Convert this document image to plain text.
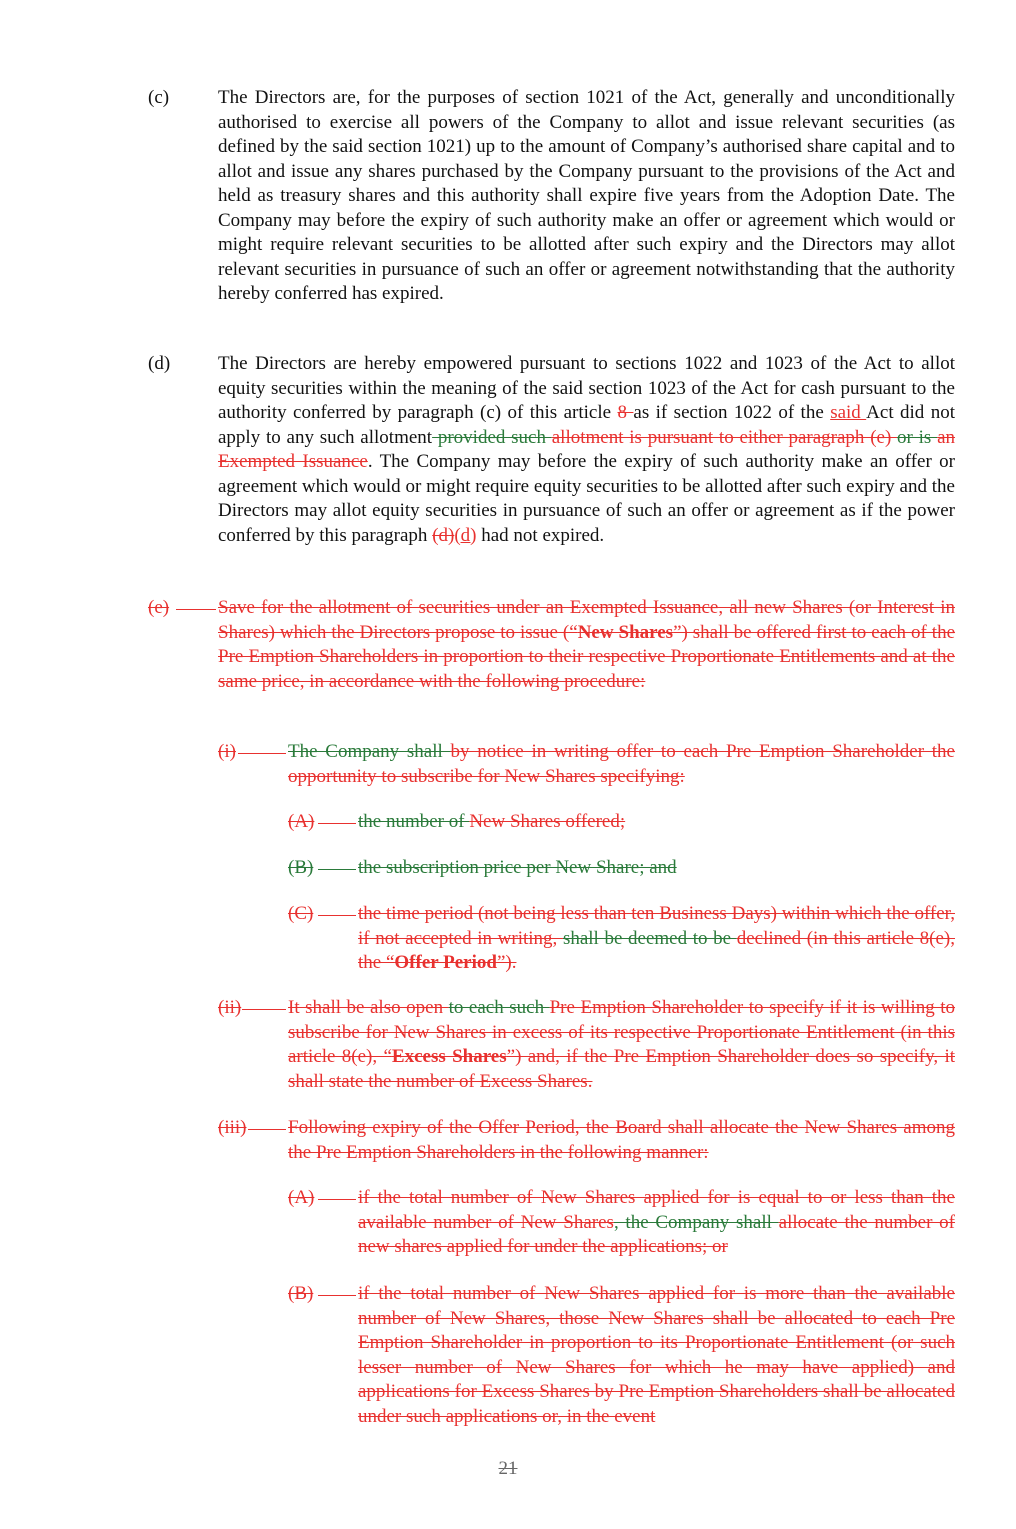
(c)	The Directors are, for the purposes of section 1021 of the Act, generally and unconditionally authorised to exercise all powers of the Company to allot and issue relevant securities (as defined by the said section 1021) up to the amount of Company’s authorised share capital and to allot and issue any shares purchased by the Company pursuant to the provisions of the Act and held as treasury shares and this authority shall expire five years from the Adoption Date. The Company may before the expiry of such authority make an offer or agreement which would or might require relevant securities to be allotted after such expiry and the Directors may allot relevant securities in pursuance of such an offer or agreement notwithstanding that the authority hereby conferred has expired.
(d)	The Directors are hereby empowered pursuant to sections 1022 and 1023 of the Act to allot equity securities within the meaning of the said section 1023 of the Act for cash pursuant to the authority conferred by paragraph (c) of this article 8 as if section 1022 of the said Act did not apply to any such allotment provided such allotment is pursuant to either paragraph (e) or is an Exempted Issuance. The Company may before the expiry of such authority make an offer or agreement which would or might require equity securities to be allotted after such expiry and the Directors may allot equity securities in pursuance of such an offer or agreement as if the power conferred by this paragraph (d)(d) had not expired.
(e)	Save for the allotment of securities under an Exempted Issuance, all new Shares (or Interest in Shares) which the Directors propose to issue (“New Shares”) shall be offered first to each of the Pre Emption Shareholders in proportion to their respective Proportionate Entitlements and at the same price, in accordance with the following procedure:
(i)	The Company shall by notice in writing offer to each Pre Emption Shareholder the opportunity to subscribe for New Shares specifying:
(A) the number of New Shares offered;
(B) the subscription price per New Share; and
(C) the time period (not being less than ten Business Days) within which the offer, if not accepted in writing, shall be deemed to be declined (in this article 8(e), the “Offer Period”).
(ii) It shall be also open to each such Pre Emption Shareholder to specify if it is willing to subscribe for New Shares in excess of its respective Proportionate Entitlement (in this article 8(e), “Excess Shares”) and, if the Pre Emption Shareholder does so specify, it shall state the number of Excess Shares.
(iii) Following expiry of the Offer Period, the Board shall allocate the New Shares among the Pre Emption Shareholders in the following manner:
(A) if the total number of New Shares applied for is equal to or less than the available number of New Shares, the Company shall allocate the number of new shares applied for under the applications; or
(B) if the total number of New Shares applied for is more than the available number of New Shares, those New Shares shall be allocated to each Pre Emption Shareholder in proportion to its Proportionate Entitlement (or such lesser number of New Shares for which he may have applied) and applications for Excess Shares by Pre Emption Shareholders shall be allocated under such applications or, in the event
21
